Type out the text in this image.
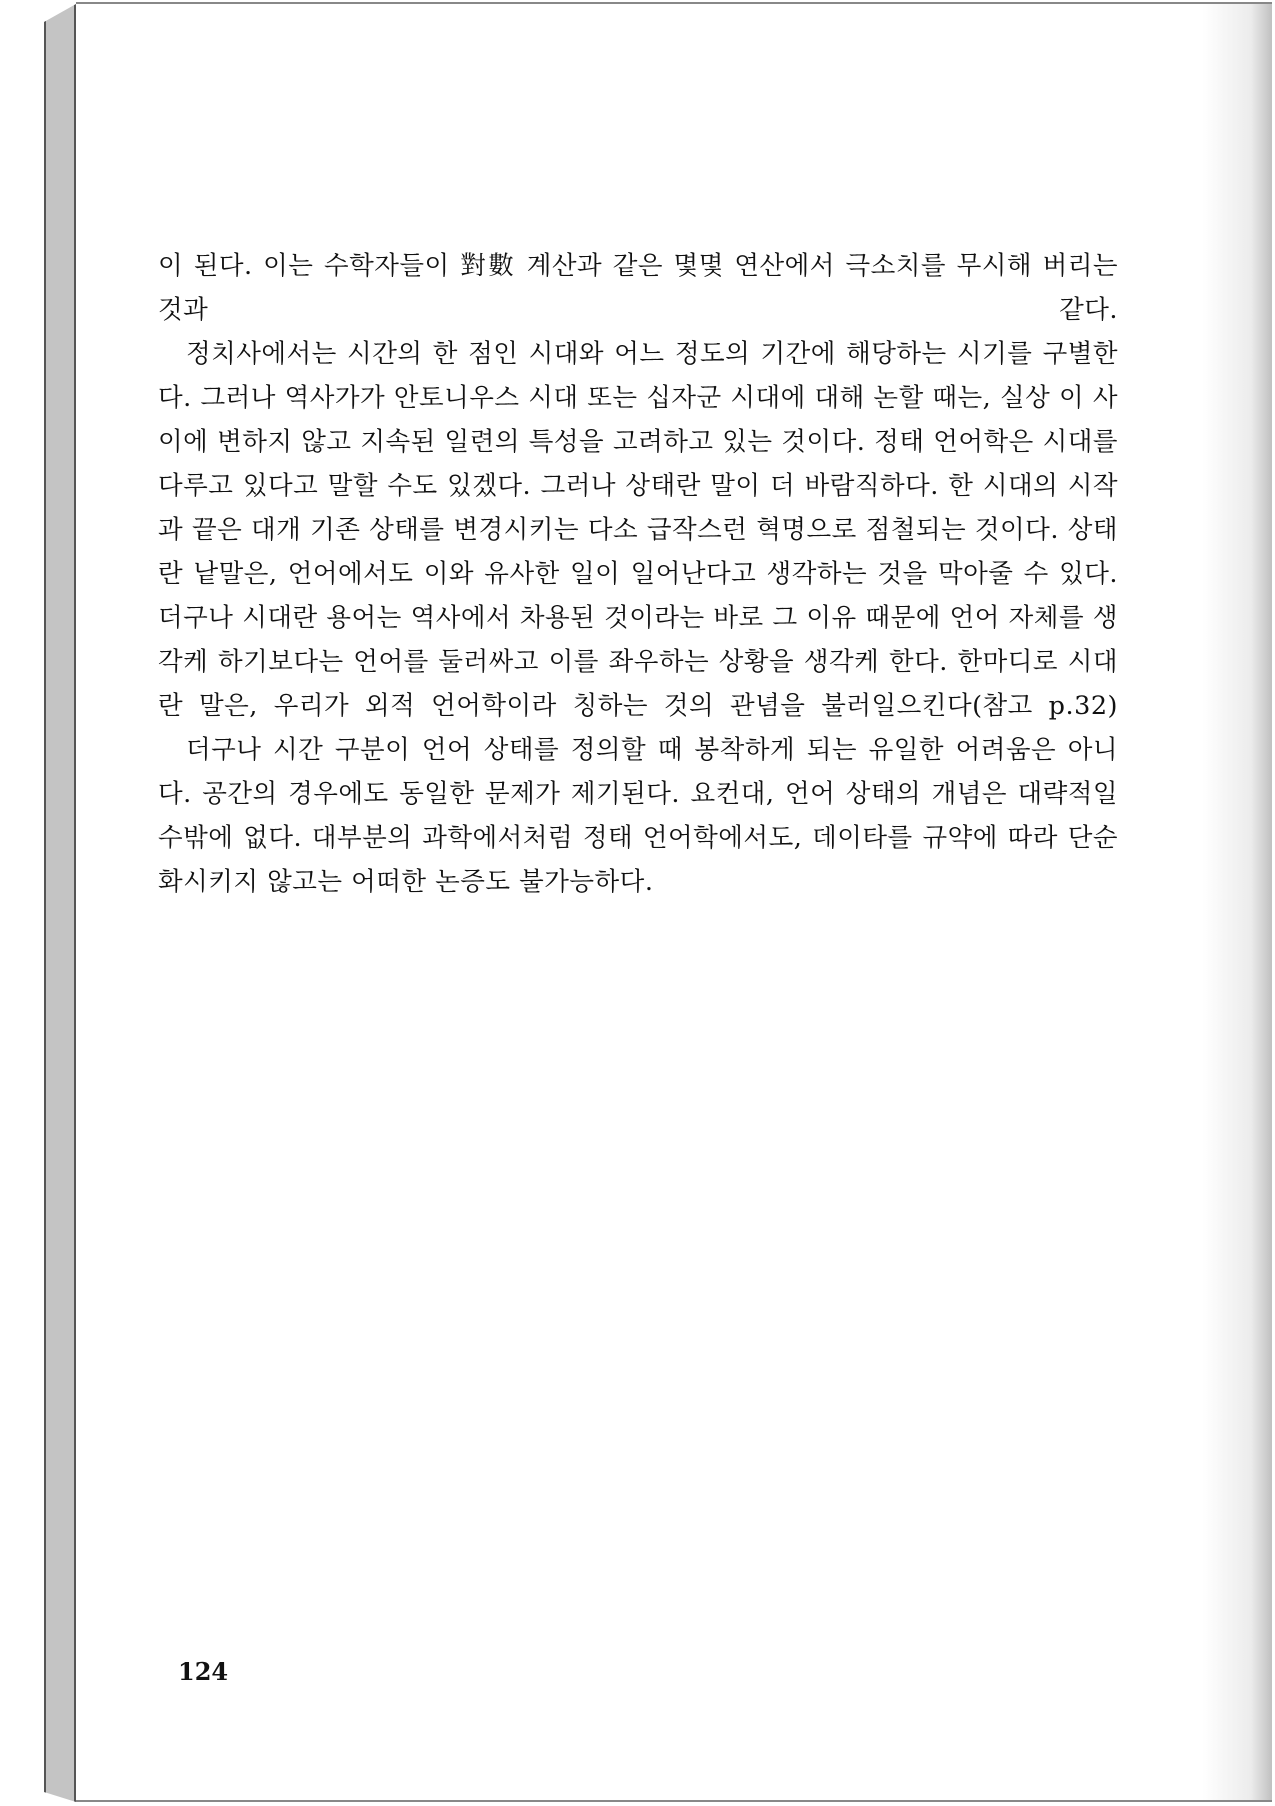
이 된다. 이는 수학자들이 對數 계산과 같은 몇몇 연산에서 극소치를 무시해 버리는 것과 같다.

정치사에서는 시간의 한 점인 시대와 어느 정도의 기간에 해당하는 시기를 구별한다. 그러나 역사가가 안토니우스 시대 또는 십자군 시대에 대해 논할 때는, 실상 이 사이에 변하지 않고 지속된 일련의 특성을 고려하고 있는 것이다. 정태 언어학은 시대를 다루고 있다고 말할 수도 있겠다. 그러나 상태란 말이 더 바람직하다. 한 시대의 시작과 끝은 대개 기존 상태를 변경시키는 다소 급작스런 혁명으로 점철되는 것이다. 상태란 낱말은, 언어에서도 이와 유사한 일이 일어난다고 생각하는 것을 막아줄 수 있다. 더구나 시대란 용어는 역사에서 차용된 것이라는 바로 그 이유 때문에 언어 자체를 생각케 하기보다는 언어를 둘러싸고 이를 좌우하는 상황을 생각케 한다. 한마디로 시대란 말은, 우리가 외적 언어학이라 칭하는 것의 관념을 불러일으킨다(참고 p.32)

더구나 시간 구분이 언어 상태를 정의할 때 봉착하게 되는 유일한 어려움은 아니다. 공간의 경우에도 동일한 문제가 제기된다. 요컨대, 언어 상태의 개념은 대략적일 수밖에 없다. 대부분의 과학에서처럼 정태 언어학에서도, 데이타를 규약에 따라 단순화시키지 않고는 어떠한 논증도 불가능하다.

124
